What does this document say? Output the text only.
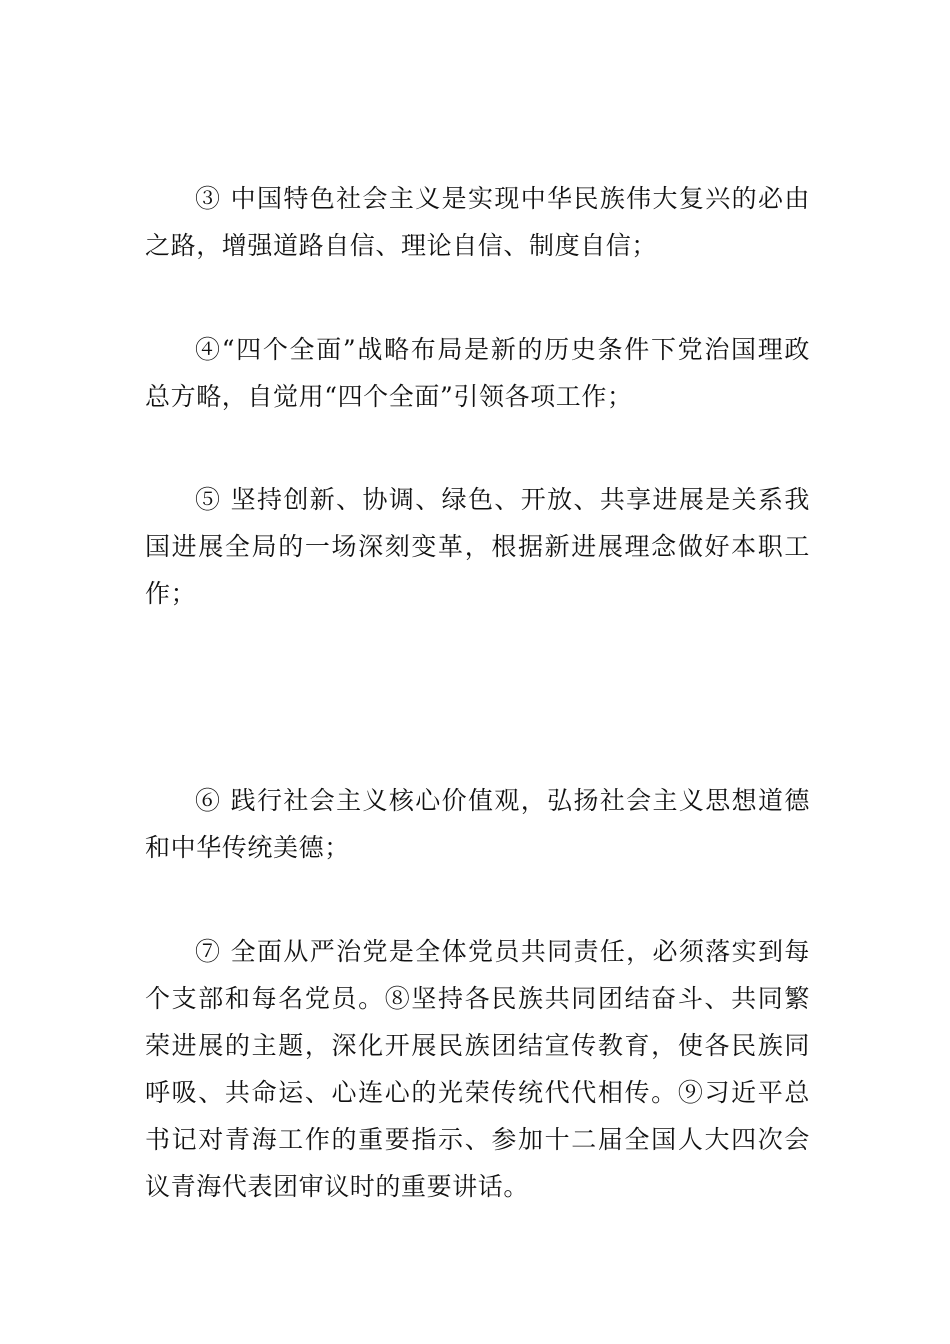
③ 中国特色社会主义是实现中华民族伟大复兴的必由之路，增强道路自信、理论自信、制度自信；

④“四个全面”战略布局是新的历史条件下党治国理政总方略，自觉用“四个全面”引领各项工作；

⑤ 坚持创新、协调、绿色、开放、共享进展是关系我国进展全局的一场深刻变革，根据新进展理念做好本职工作；

⑥ 践行社会主义核心价值观，弘扬社会主义思想道德和中华传统美德；

⑦ 全面从严治党是全体党员共同责任，必须落实到每个支部和每名党员。⑧坚持各民族共同团结奋斗、共同繁荣进展的主题，深化开展民族团结宣传教育，使各民族同呼吸、共命运、心连心的光荣传统代代相传。⑨习近平总书记对青海工作的重要指示、参加十二届全国人大四次会议青海代表团审议时的重要讲话。
